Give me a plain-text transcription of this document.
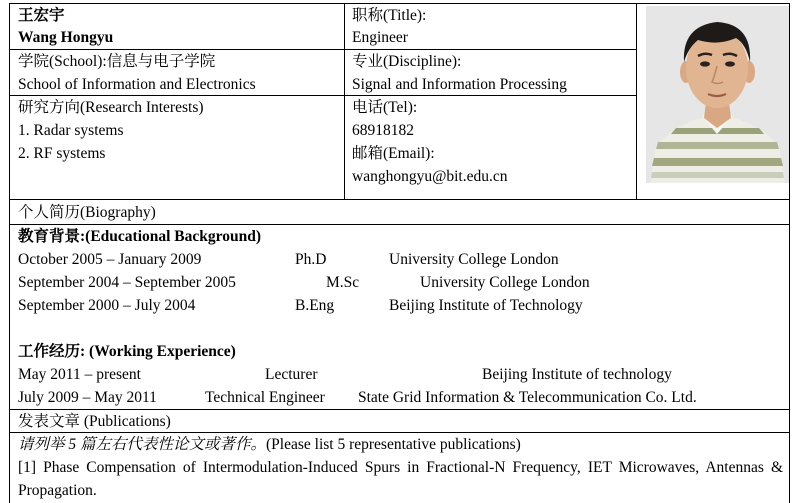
王宏宇
Wang Hongyu
职称(Title):
Engineer
学院(School):信息与电子学院
School of Information and Electronics
专业(Discipline):
Signal and Information Processing
研究方向(Research Interests)
1. Radar systems
2. RF systems
电话(Tel):
68918182
邮箱(Email):
wanghongyu@bit.edu.cn
个人简历(Biography)
教育背景:(Educational Background)
October 2005 – January 2009	Ph.D	University College London
September 2004 – September 2005	M.Sc	University College London
September 2000 – July 2004	B.Eng	Beijing Institute of Technology
工作经历: (Working Experience)
May 2011 – present	Lecturer	Beijing Institute of technology
July 2009 – May 2011	Technical Engineer State Grid Information & Telecommunication Co. Ltd.
发表文章 (Publications)
请列举 5 篇左右代表性论文或著作。(Please list 5 representative publications)
[1] Phase Compensation of Intermodulation-Induced Spurs in Fractional-N Frequency, IET Microwaves, Antennas & Propagation.
